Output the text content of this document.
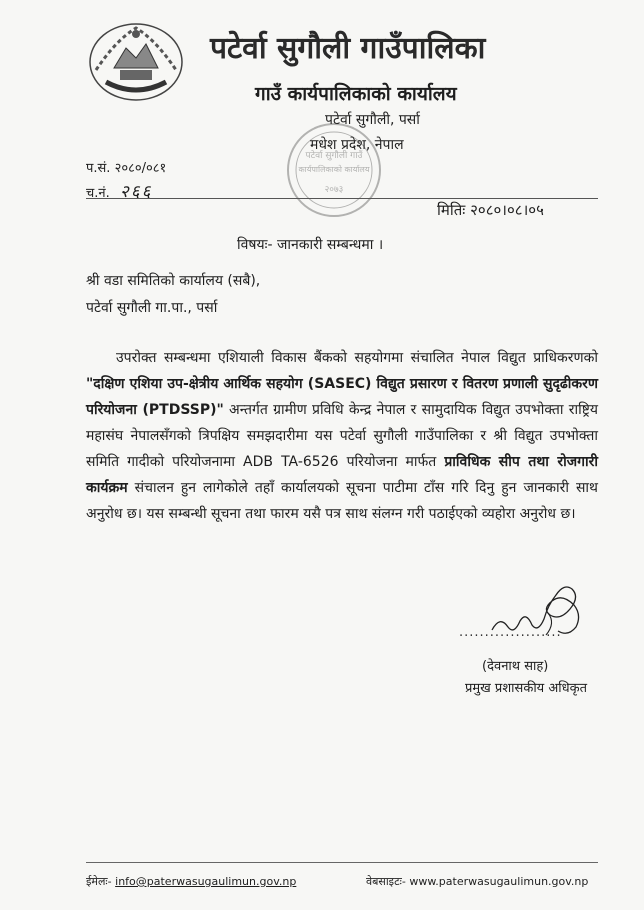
पटेर्वा सुगौली गाउँपालिका
गाउँ कार्यपालिकाको कार्यालय
पटेर्वा सुगौली, पर्सा
मधेश प्रदेश, नेपाल
पटेर्वा सुगौली गाउँ
कार्यपालिकाको कार्यालय
२०७३
प.सं. २०८०/०८१
च.नं. २६६
मितिः २०८०।०८।०५
विषयः- जानकारी सम्बन्धमा ।
श्री वडा समितिको कार्यालय (सबै),
पटेर्वा सुगौली गा.पा., पर्सा
उपरोक्त सम्बन्धमा एशियाली विकास बैंकको सहयोगमा संचालित नेपाल विद्युत प्राधिकरणको "दक्षिण एशिया उप-क्षेत्रीय आर्थिक सहयोग (SASEC) विद्युत प्रसारण र वितरण प्रणाली सुदृढीकरण परियोजना (PTDSSP)" अन्तर्गत ग्रामीण प्रविधि केन्द्र नेपाल र सामुदायिक विद्युत उपभोक्ता राष्ट्रिय महासंघ नेपालसँगको त्रिपक्षिय समझदारीमा यस पटेर्वा सुगौली गाउँपालिका र श्री विद्युत उपभोक्ता समिति गादीको परियोजनामा ADB TA-6526 परियोजना मार्फत प्राविधिक सीप तथा रोजगारी कार्यक्रम संचालन हुन लागेकोले तहाँ कार्यालयको सूचना पाटीमा टाँस गरि दिनु हुन जानकारी साथ अनुरोध छ। यस सम्बन्धी सूचना तथा फारम यसै पत्र साथ संलग्न गरी पठाईएको व्यहोरा अनुरोध छ।
....................
(देवनाथ साह)
प्रमुख प्रशासकीय अधिकृत
ईमेलः- info@paterwasugaulimun.gov.np	वेबसाइटः- www.paterwasugaulimun.gov.np
